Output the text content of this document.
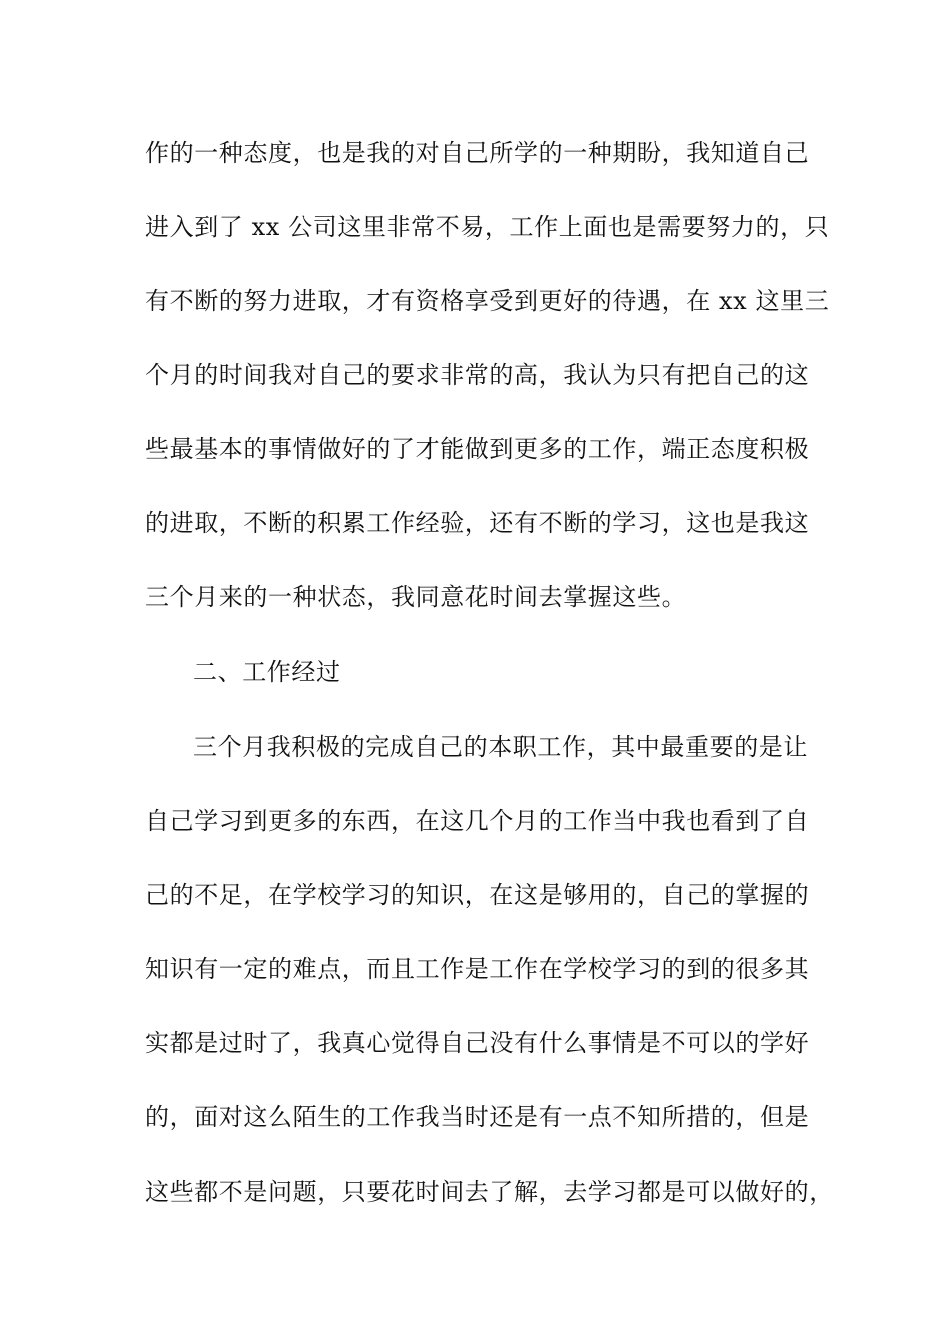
作的一种态度，也是我的对自己所学的一种期盼，我知道自己
进入到了 xx 公司这里非常不易，工作上面也是需要努力的，只
有不断的努力进取，才有资格享受到更好的待遇，在 xx 这里三
个月的时间我对自己的要求非常的高，我认为只有把自己的这
些最基本的事情做好的了才能做到更多的工作，端正态度积极
的进取，不断的积累工作经验，还有不断的学习，这也是我这
三个月来的一种状态，我同意花时间去掌握这些。
二、工作经过
三个月我积极的完成自己的本职工作，其中最重要的是让
自己学习到更多的东西，在这几个月的工作当中我也看到了自
己的不足，在学校学习的知识，在这是够用的，自己的掌握的
知识有一定的难点，而且工作是工作在学校学习的到的很多其
实都是过时了，我真心觉得自己没有什么事情是不可以的学好
的，面对这么陌生的工作我当时还是有一点不知所措的，但是
这些都不是问题，只要花时间去了解，去学习都是可以做好的，
